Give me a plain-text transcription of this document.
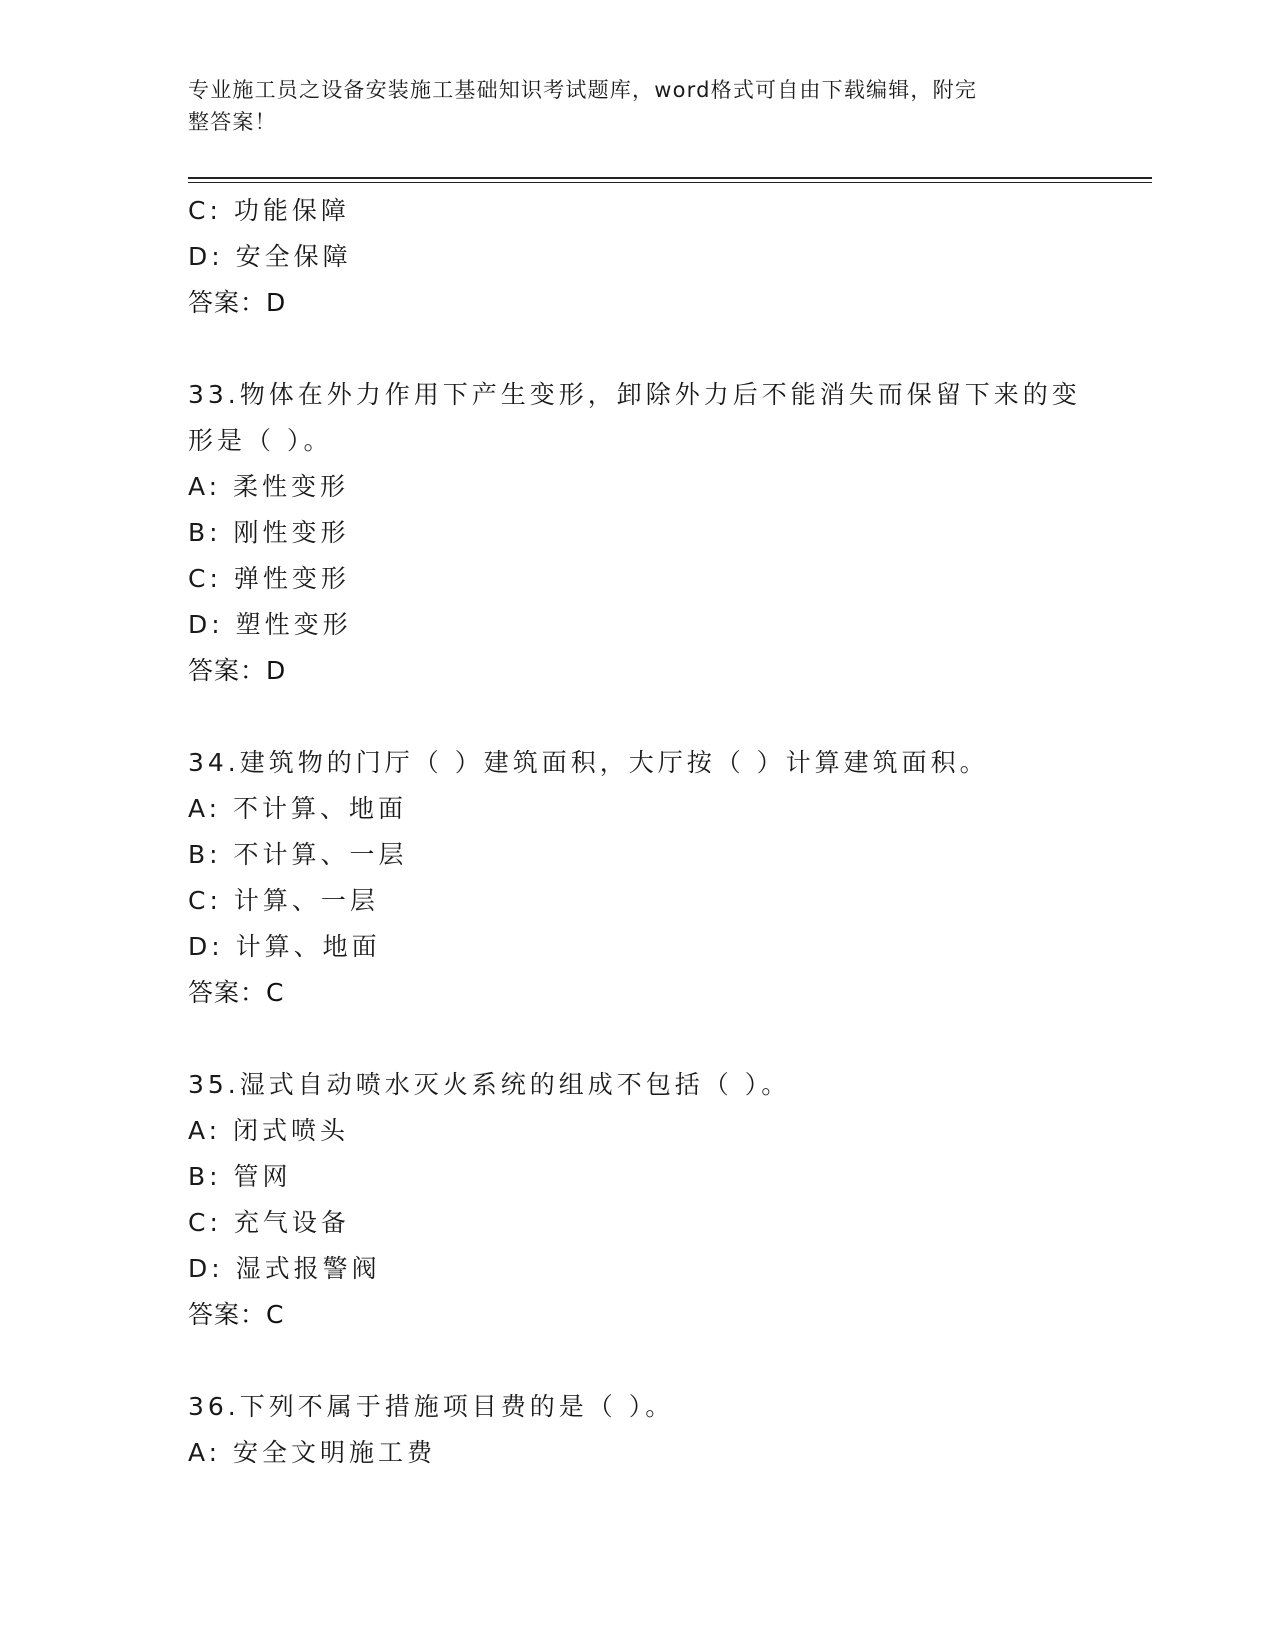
专业施工员之设备安装施工基础知识考试题库，word格式可自由下载编辑，附完
整答案！
C: 功能保障
D: 安全保障
答案：D
33.物体在外力作用下产生变形，卸除外力后不能消失而保留下来的变
形是（ ）。
A: 柔性变形
B: 刚性变形
C: 弹性变形
D: 塑性变形
答案：D
34.建筑物的门厅（ ）建筑面积，大厅按（ ）计算建筑面积。
A: 不计算、地面
B: 不计算、一层
C: 计算、一层
D: 计算、地面
答案：C
35.湿式自动喷水灭火系统的组成不包括（ ）。
A: 闭式喷头
B: 管网
C: 充气设备
D: 湿式报警阀
答案：C
36.下列不属于措施项目费的是（ ）。
A: 安全文明施工费
